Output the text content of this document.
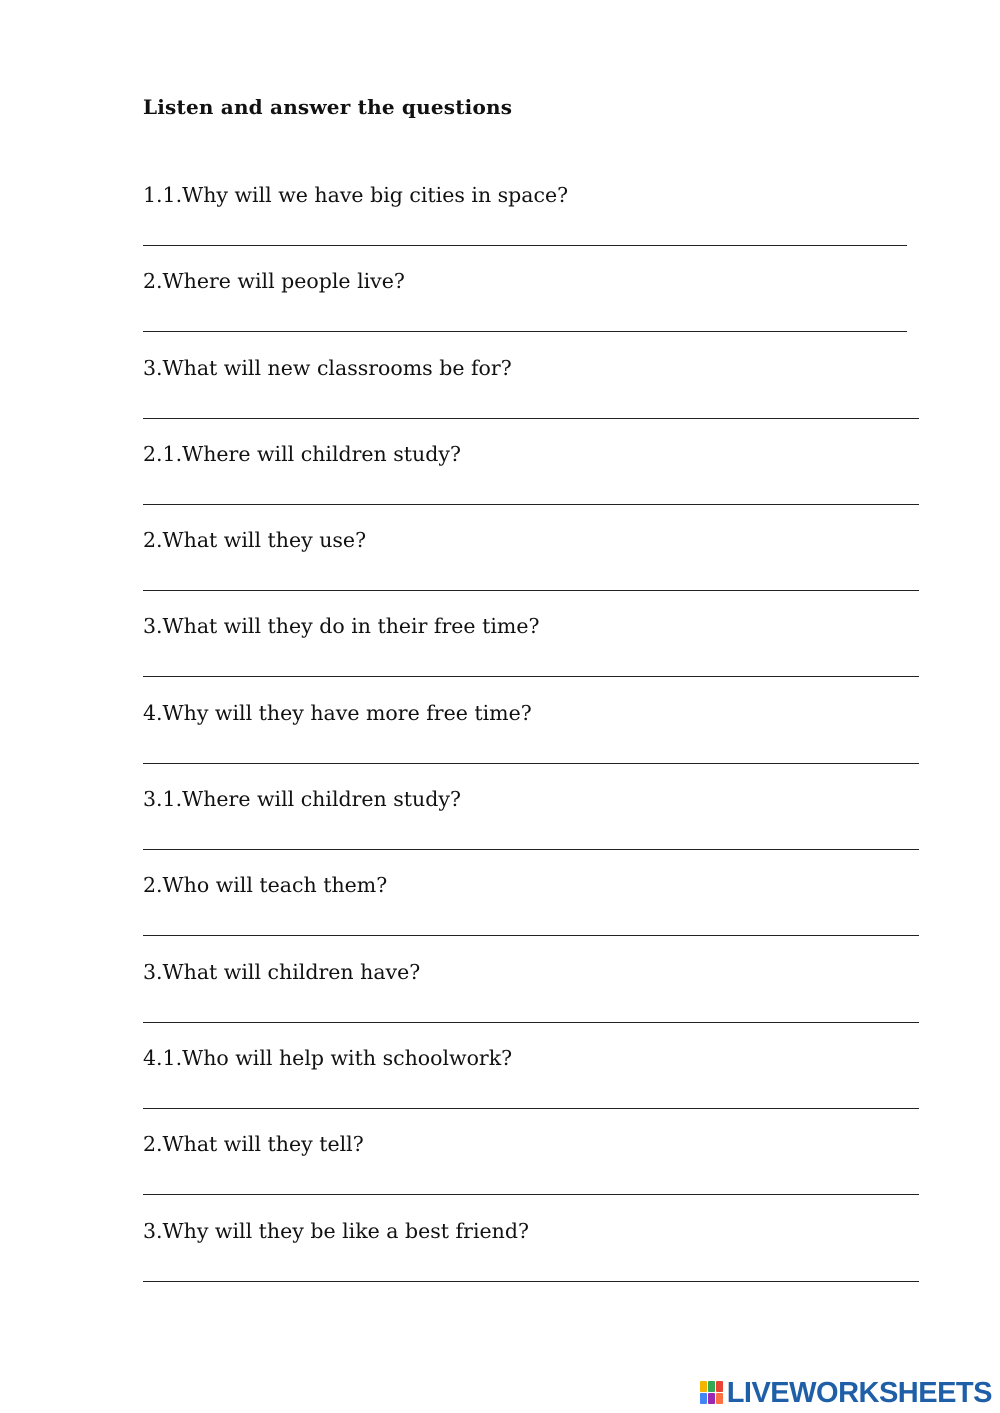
Listen and answer the questions
1.1.Why will we have big cities in space?
2.Where will people live?
3.What will new classrooms be for?
2.1.Where will children study?
2.What will they use?
3.What will they do in their free time?
4.Why will they have more free time?
3.1.Where will children study?
2.Who will teach them?
3.What will children have?
4.1.Who will help with schoolwork?
2.What will they tell?
3.Why will they be like a best friend?
LIVEWORKSHEETS
